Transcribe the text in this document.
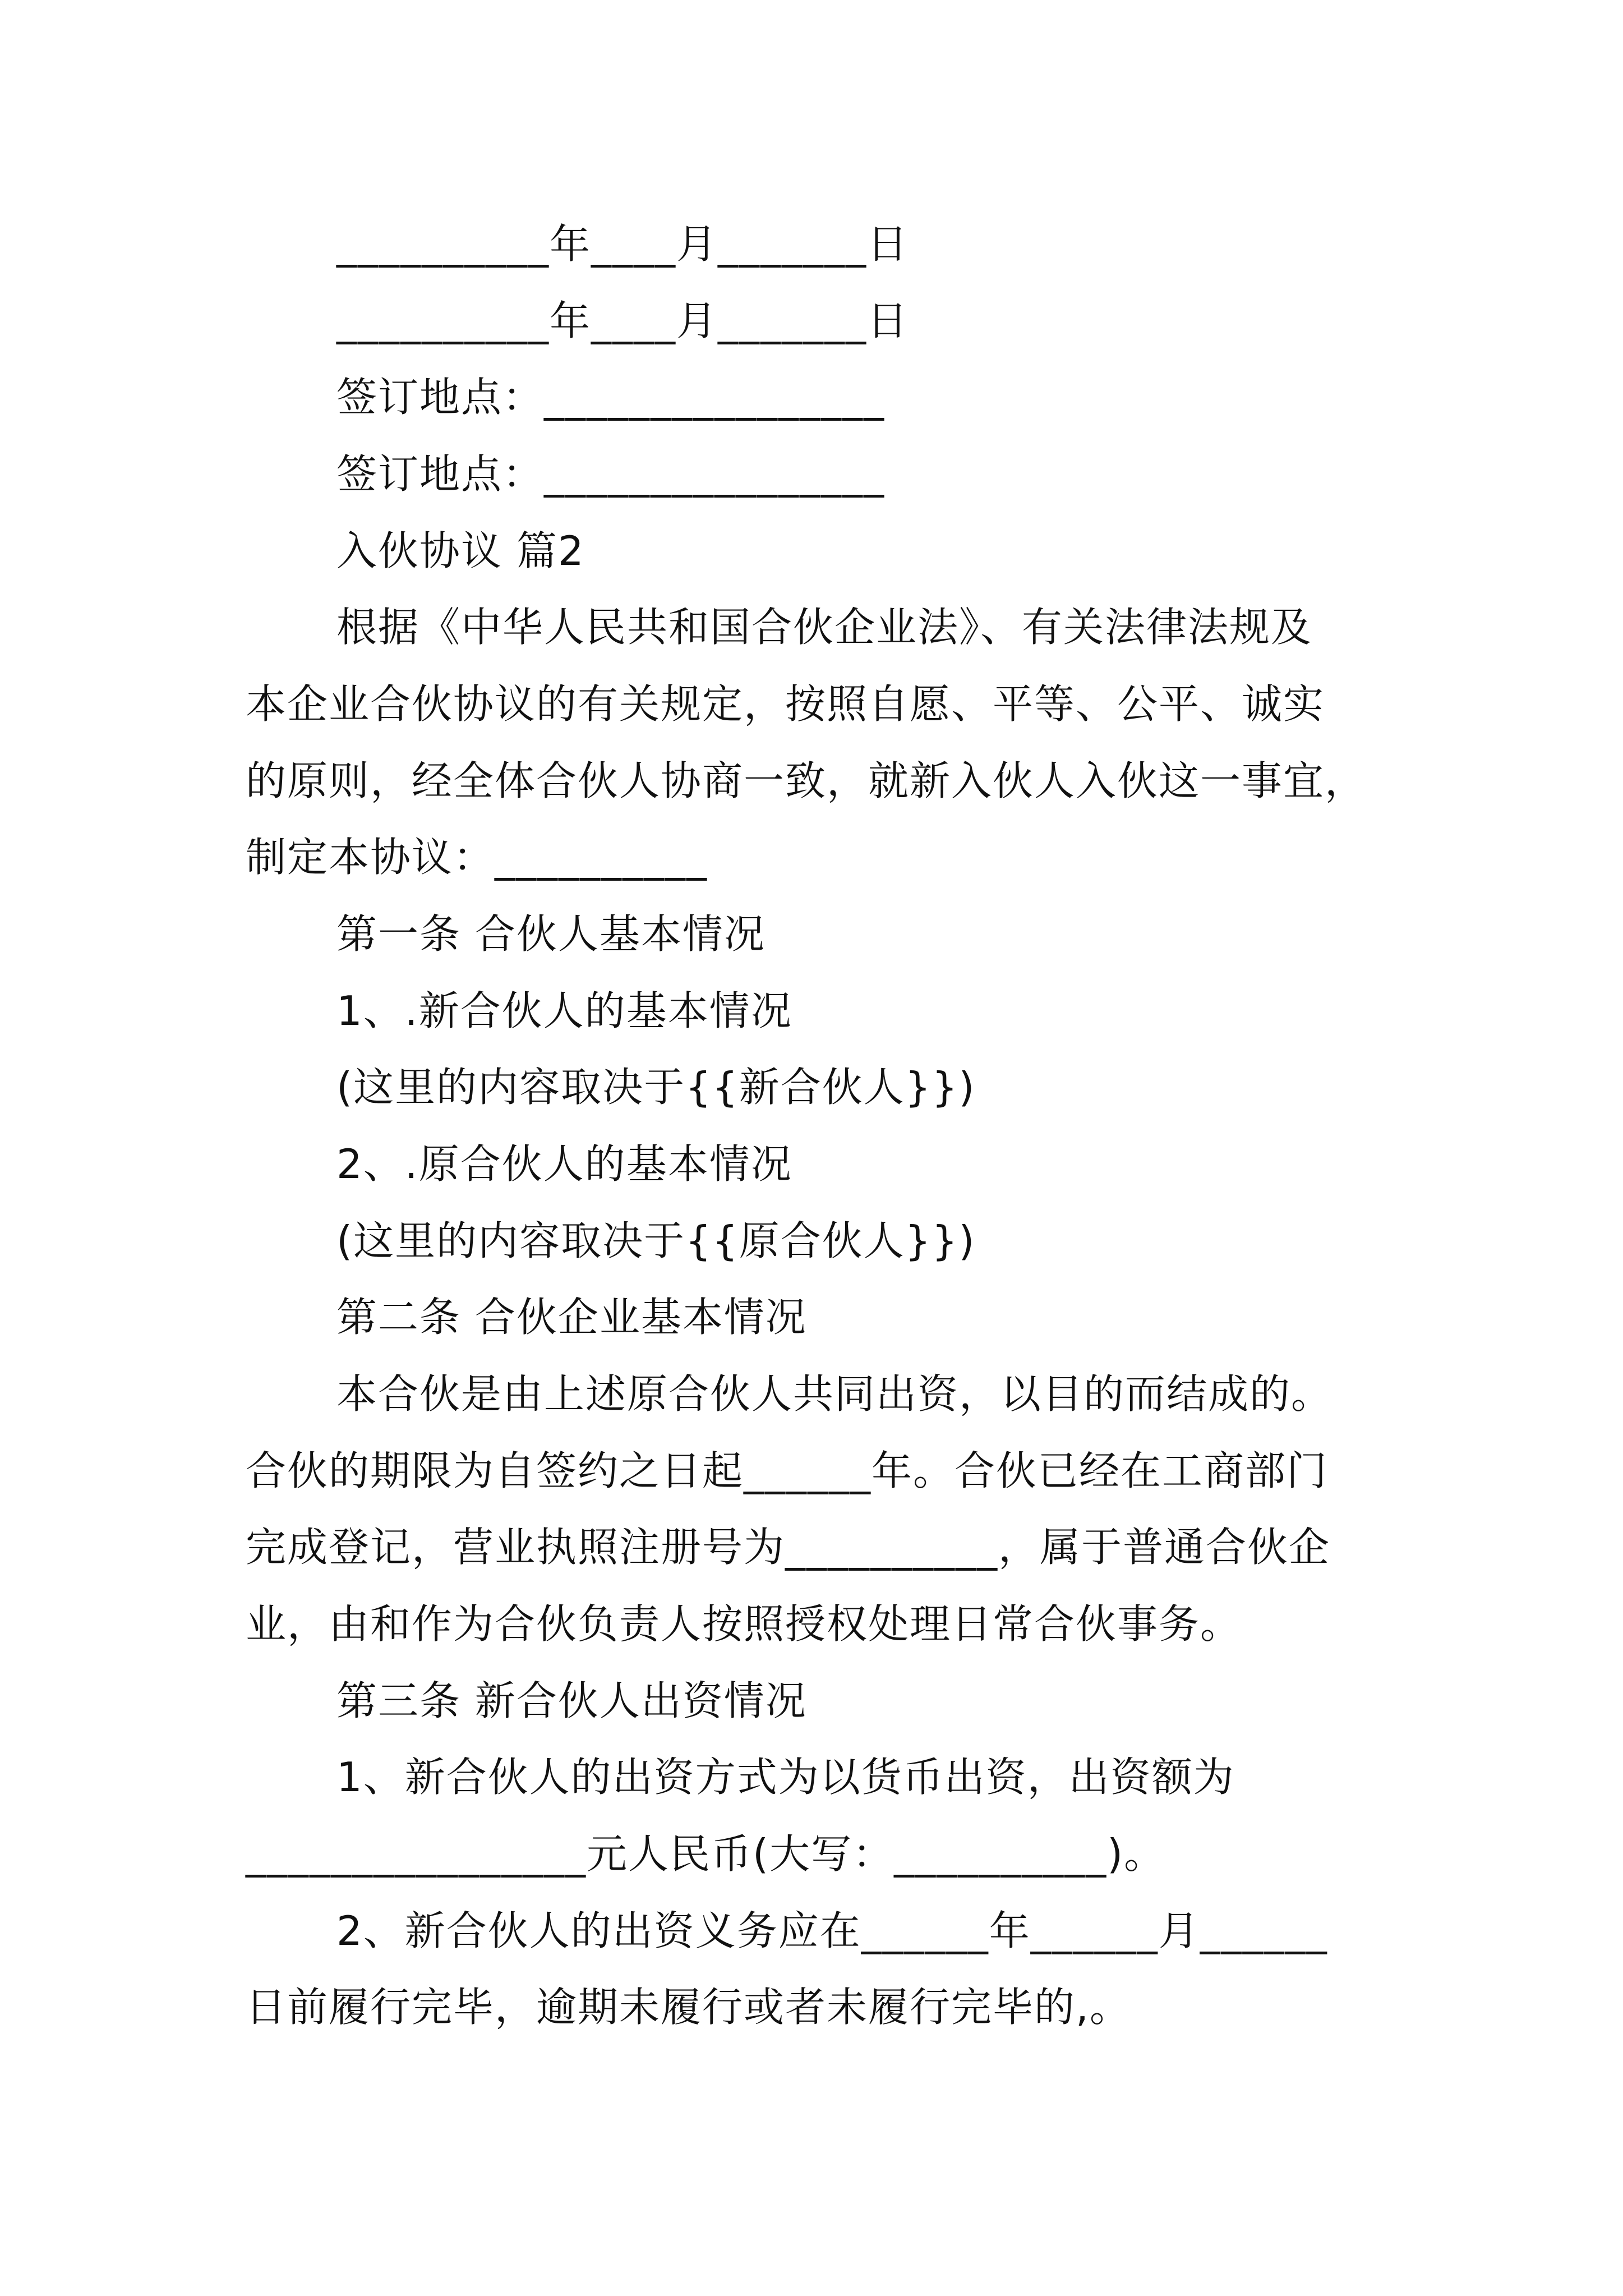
__________年____月_______日
__________年____月_______日
签订地点：________________
签订地点：________________
入伙协议 篇2
根据《中华人民共和国合伙企业法》、有关法律法规及
本企业合伙协议的有关规定，按照自愿、平等、公平、诚实
的原则，经全体合伙人协商一致，就新入伙人入伙这一事宜，
制定本协议：__________
第一条 合伙人基本情况
1、.新合伙人的基本情况
(这里的内容取决于{{新合伙人}})
2、.原合伙人的基本情况
(这里的内容取决于{{原合伙人}})
第二条 合伙企业基本情况
本合伙是由上述原合伙人共同出资，以目的而结成的。
合伙的期限为自签约之日起______年。合伙已经在工商部门
完成登记，营业执照注册号为__________，属于普通合伙企
业，由和作为合伙负责人按照授权处理日常合伙事务。
第三条 新合伙人出资情况
1、新合伙人的出资方式为以货币出资，出资额为
________________元人民币(大写：__________)。
2、新合伙人的出资义务应在______年______月______
日前履行完毕，逾期未履行或者未履行完毕的,。
